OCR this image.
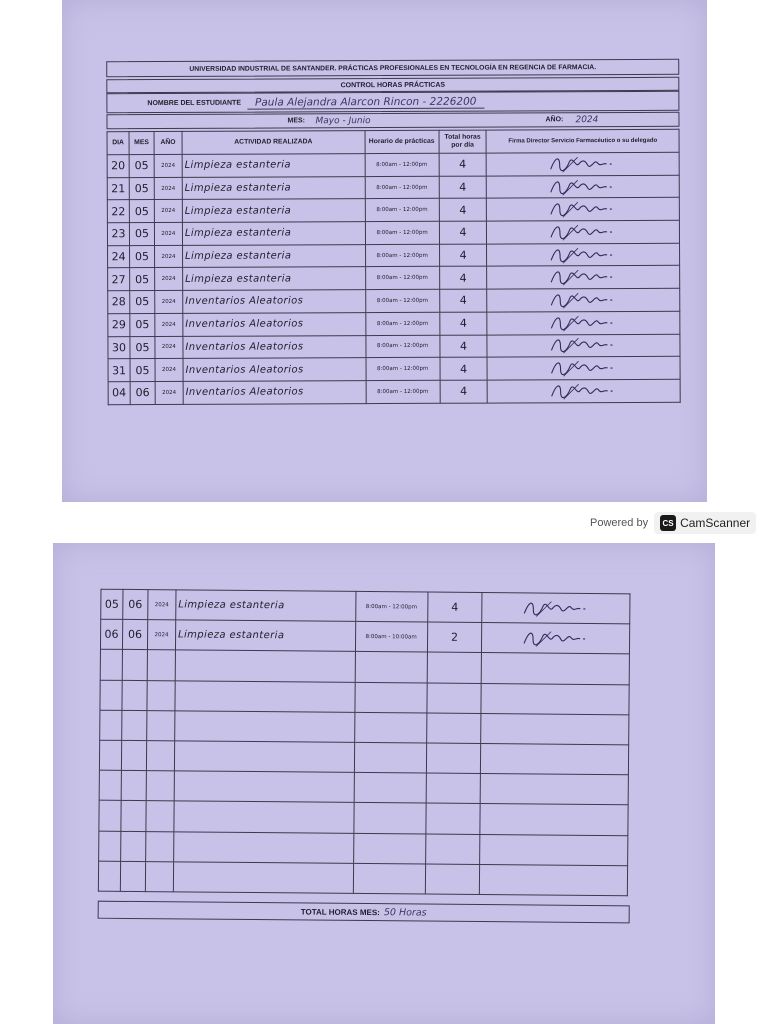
UNIVERSIDAD INDUSTRIAL DE SANTANDER. PRÁCTICAS PROFESIONALES EN TECNOLOGÍA EN REGENCIA DE FARMACIA.
CONTROL HORAS PRÁCTICAS
NOMBRE DEL ESTUDIANTE	Paula Alejandra Alarcon Rincon - 2226200
MES: Mayo - Junio	AÑO: 2024
DIA	MES	AÑO	ACTIVIDAD REALIZADA	Horario de prácticas	Total horas por día	Firma Director Servicio Farmacéutico o su delegado
20	05	2024	Limpieza estanteria	8:00am - 12:00pm	4	

21	05	2024	Limpieza estanteria	8:00am - 12:00pm	4	

22	05	2024	Limpieza estanteria	8:00am - 12:00pm	4	

23	05	2024	Limpieza estanteria	8:00am - 12:00pm	4	

24	05	2024	Limpieza estanteria	8:00am - 12:00pm	4	

27	05	2024	Limpieza estanteria	8:00am - 12:00pm	4	

28	05	2024	Inventarios Aleatorios	8:00am - 12:00pm	4	

29	05	2024	Inventarios Aleatorios	8:00am - 12:00pm	4	

30	05	2024	Inventarios Aleatorios	8:00am - 12:00pm	4	

31	05	2024	Inventarios Aleatorios	8:00am - 12:00pm	4	

04	06	2024	Inventarios Aleatorios	8:00am - 12:00pm	4	
Powered by	CS CamScanner
05	06	2024	Limpieza estanteria	8:00am - 12:00pm	4	

06	06	2024	Limpieza estanteria	8:00am - 10:00am	2	

TOTAL HORAS MES: 50 Horas
